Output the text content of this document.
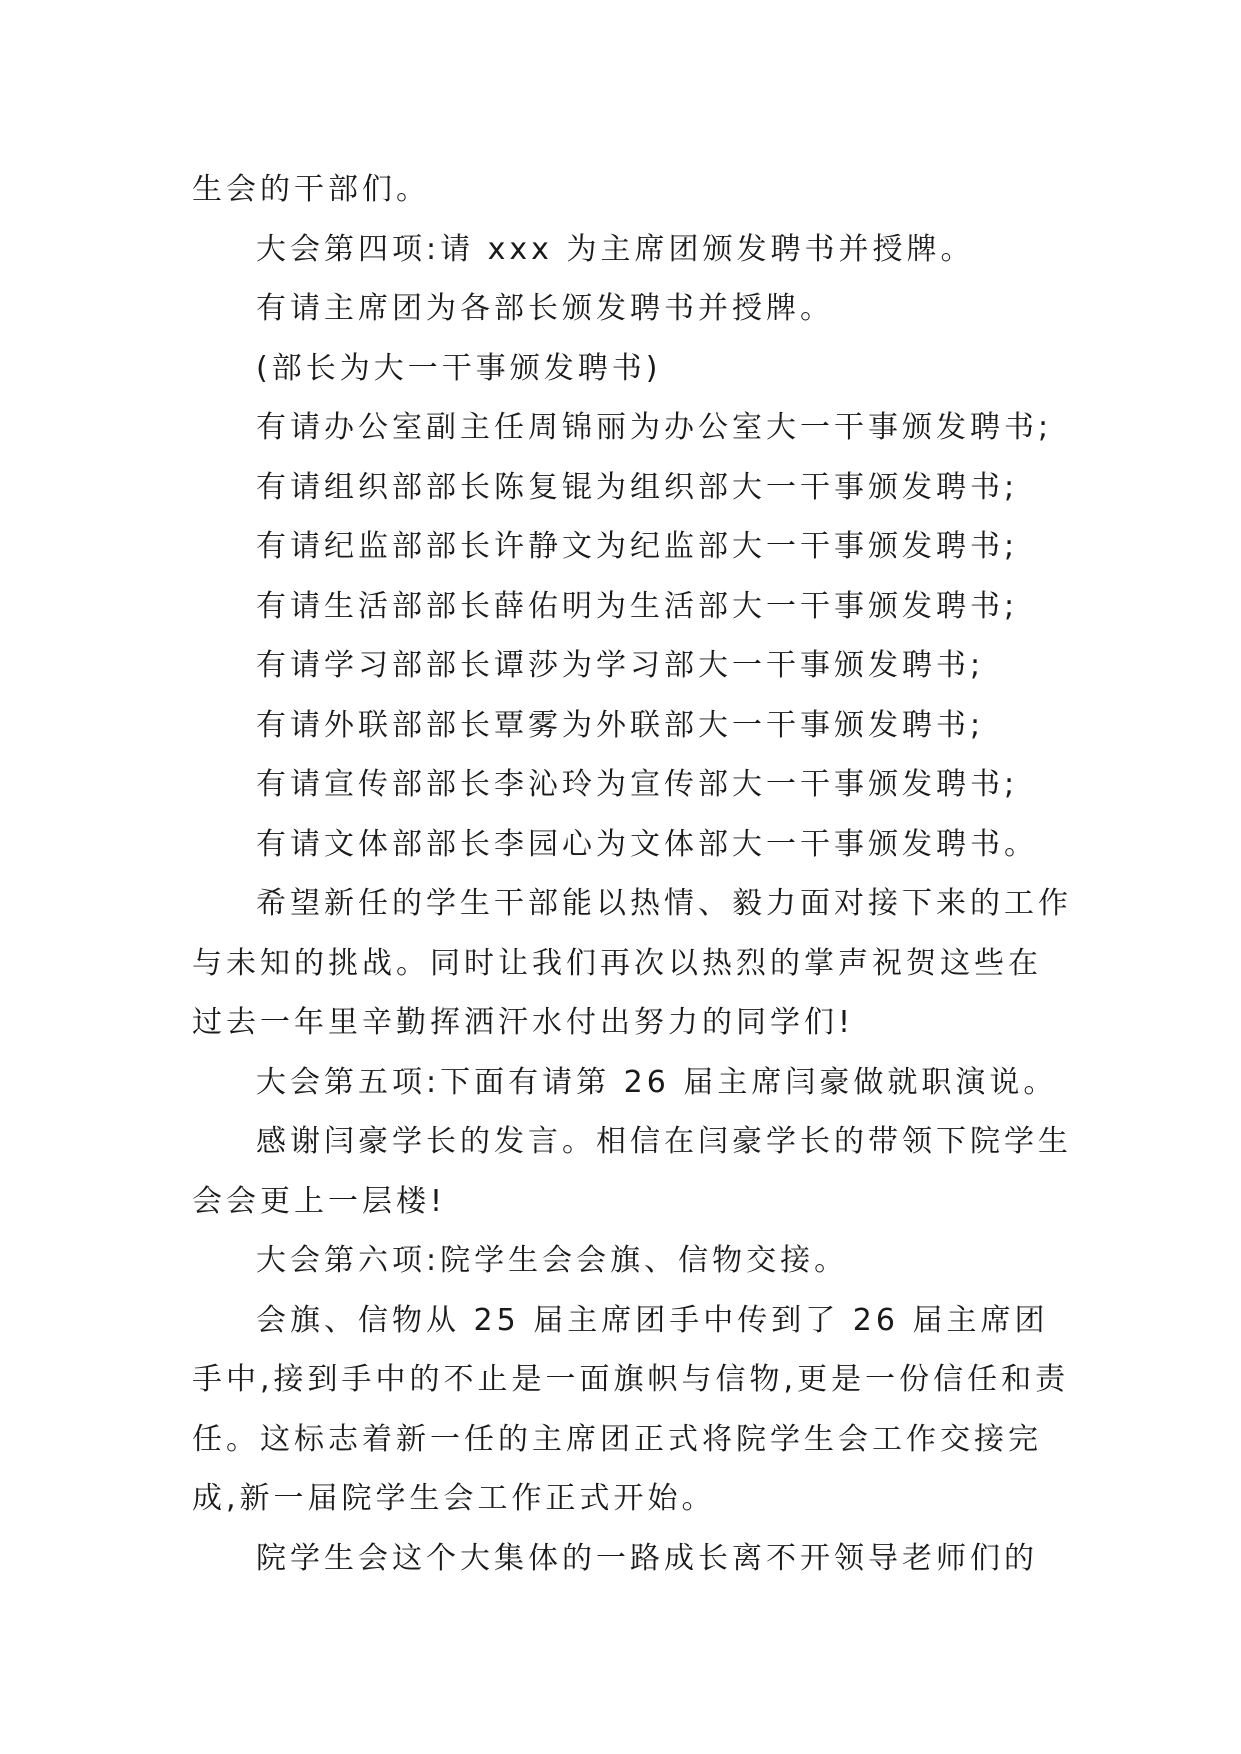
生会的干部们。

大会第四项:请 xxx 为主席团颁发聘书并授牌。

有请主席团为各部长颁发聘书并授牌。

(部长为大一干事颁发聘书)

有请办公室副主任周锦丽为办公室大一干事颁发聘书;

有请组织部部长陈复锟为组织部大一干事颁发聘书;

有请纪监部部长许静文为纪监部大一干事颁发聘书;

有请生活部部长薛佑明为生活部大一干事颁发聘书;

有请学习部部长谭莎为学习部大一干事颁发聘书;

有请外联部部长覃雾为外联部大一干事颁发聘书;

有请宣传部部长李沁玲为宣传部大一干事颁发聘书;

有请文体部部长李园心为文体部大一干事颁发聘书。

希望新任的学生干部能以热情、毅力面对接下来的工作与未知的挑战。同时让我们再次以热烈的掌声祝贺这些在过去一年里辛勤挥洒汗水付出努力的同学们!

大会第五项:下面有请第 26 届主席闫豪做就职演说。

感谢闫豪学长的发言。相信在闫豪学长的带领下院学生会会更上一层楼!

大会第六项:院学生会会旗、信物交接。

会旗、信物从 25 届主席团手中传到了 26 届主席团手中,接到手中的不止是一面旗帜与信物,更是一份信任和责任。这标志着新一任的主席团正式将院学生会工作交接完成,新一届院学生会工作正式开始。

院学生会这个大集体的一路成长离不开领导老师们的
